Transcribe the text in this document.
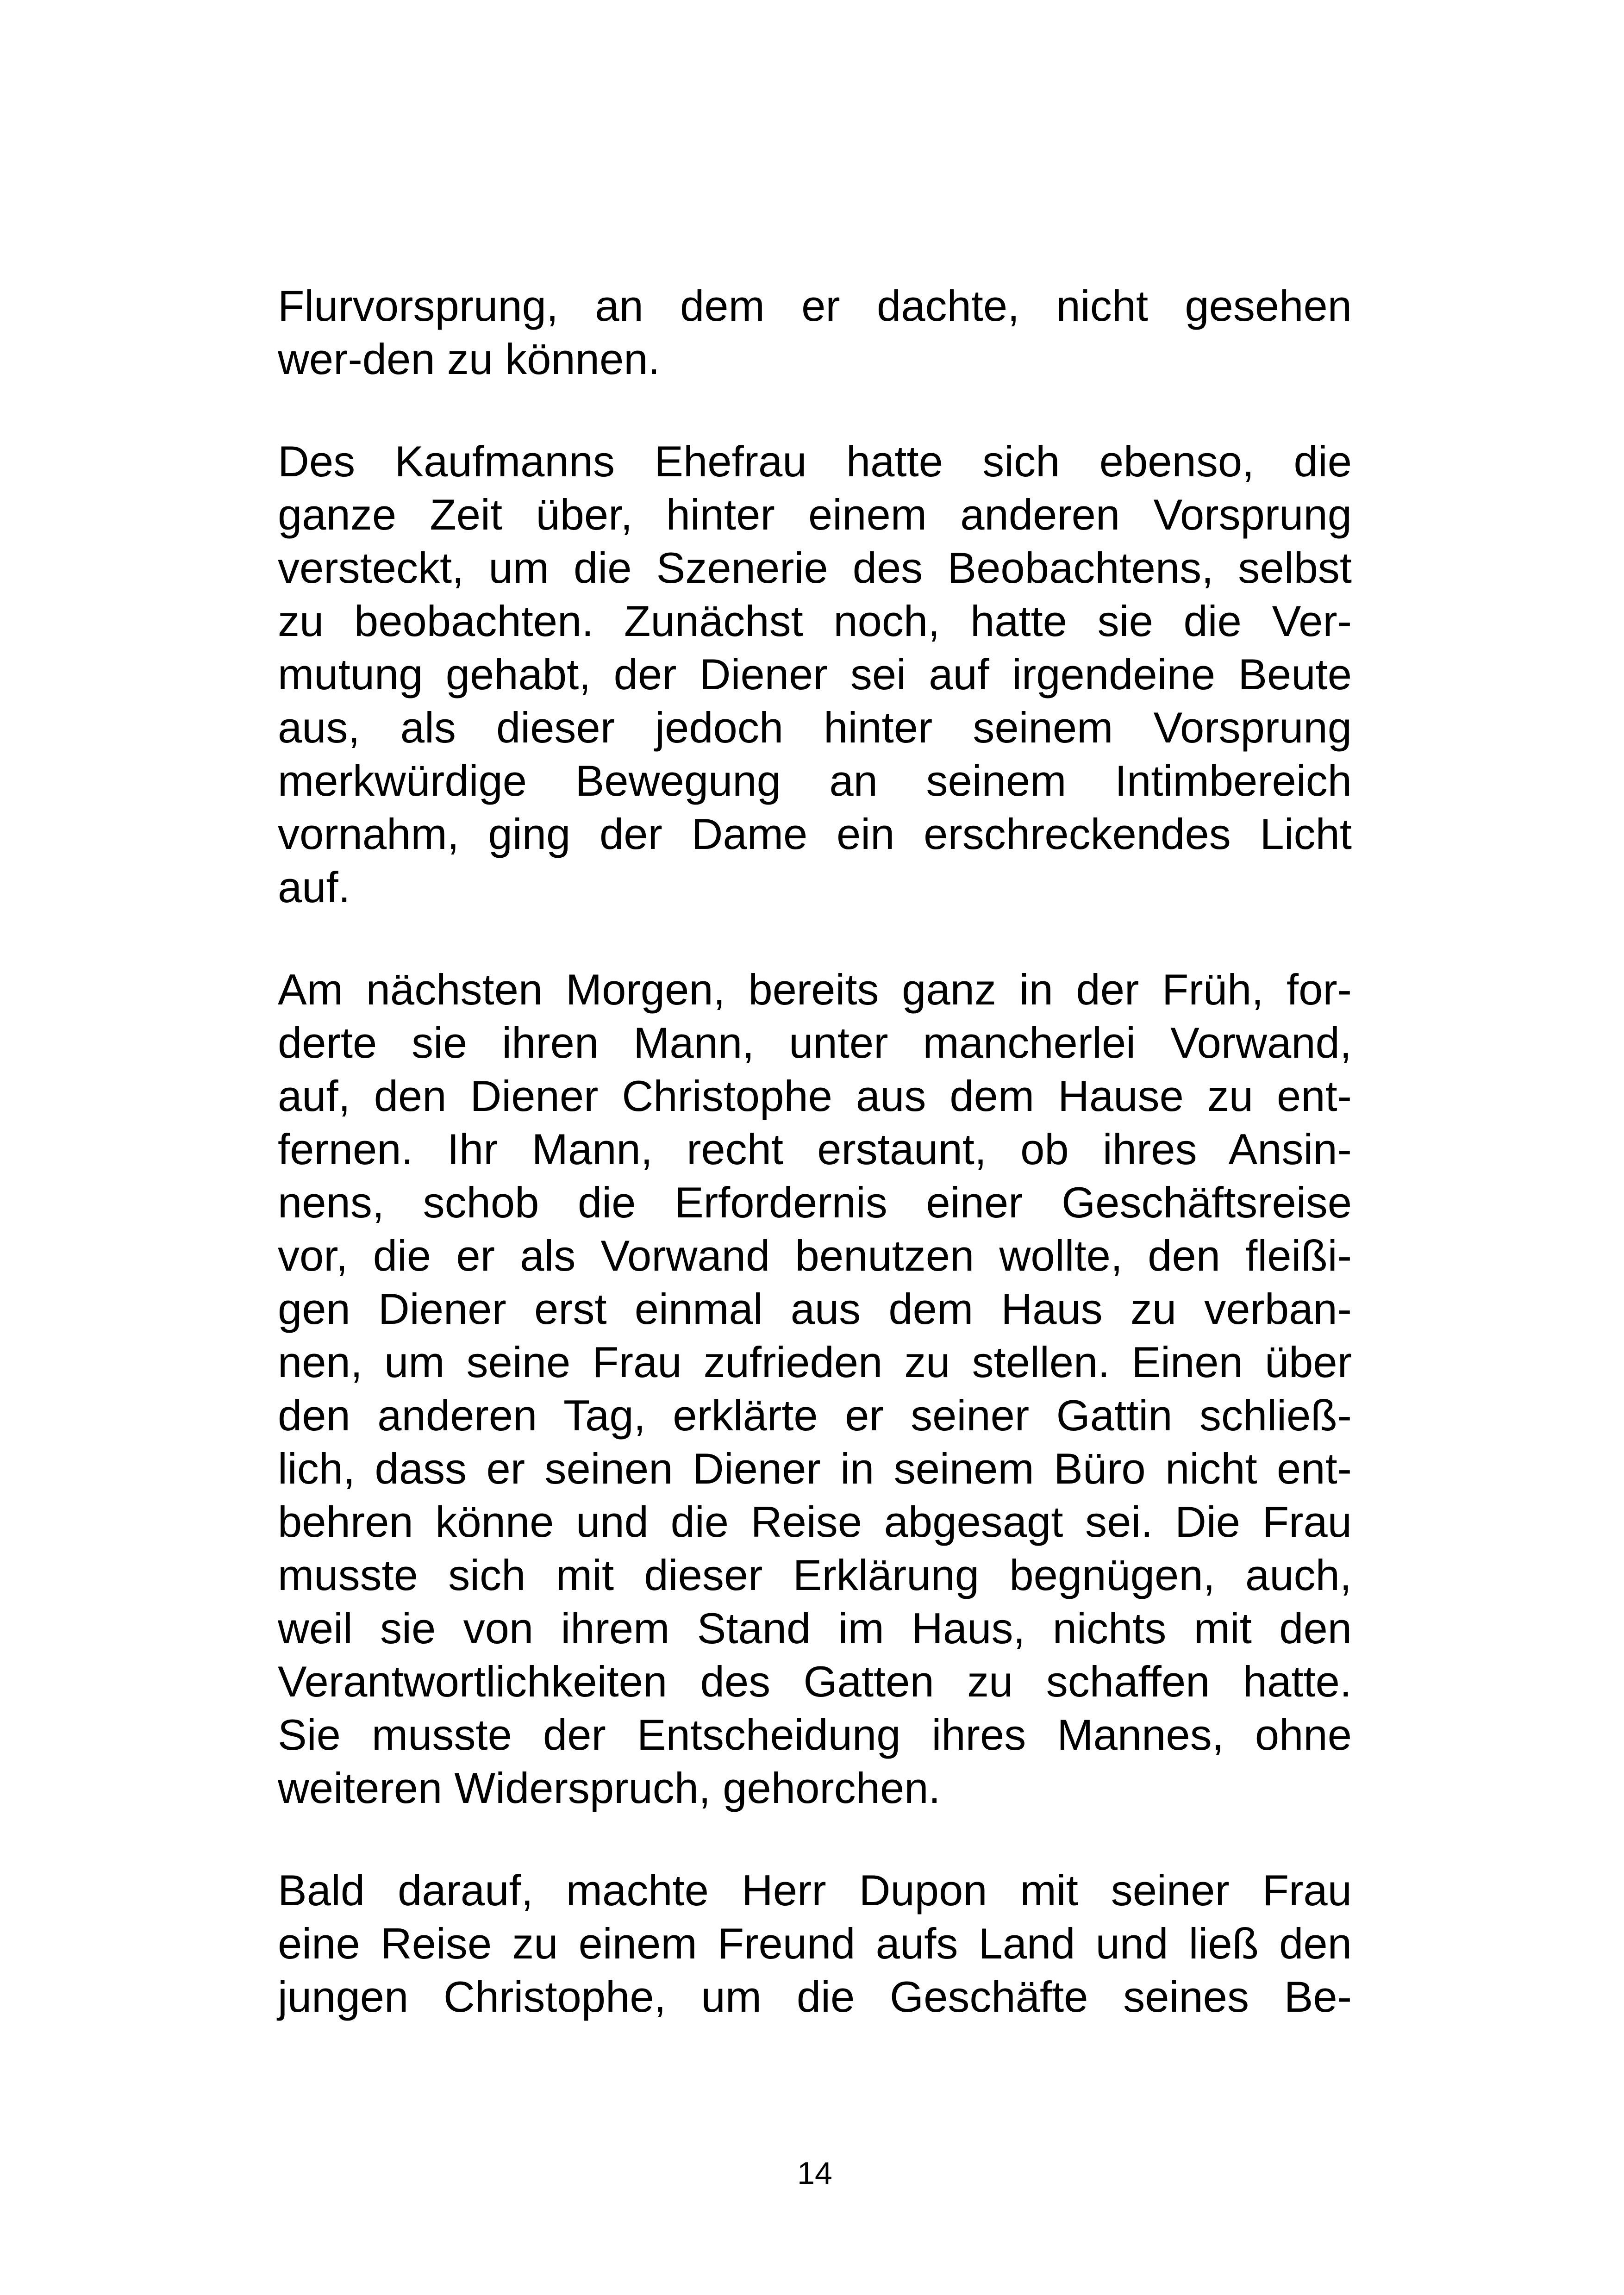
Flurvorsprung, an dem er dachte, nicht gesehen
wer-den zu können.
Des Kaufmanns Ehefrau hatte sich ebenso, die
ganze Zeit über, hinter einem anderen Vorsprung
versteckt, um die Szenerie des Beobachtens, selbst
zu beobachten. Zunächst noch, hatte sie die Ver-
mutung gehabt, der Diener sei auf irgendeine Beute
aus, als dieser jedoch hinter seinem Vorsprung
merkwürdige Bewegung an seinem Intimbereich
vornahm, ging der Dame ein erschreckendes Licht
auf.
Am nächsten Morgen, bereits ganz in der Früh, for-
derte sie ihren Mann, unter mancherlei Vorwand,
auf, den Diener Christophe aus dem Hause zu ent-
fernen. Ihr Mann, recht erstaunt, ob ihres Ansin-
nens, schob die Erfordernis einer Geschäftsreise
vor, die er als Vorwand benutzen wollte, den fleißi-
gen Diener erst einmal aus dem Haus zu verban-
nen, um seine Frau zufrieden zu stellen. Einen über
den anderen Tag, erklärte er seiner Gattin schließ-
lich, dass er seinen Diener in seinem Büro nicht ent-
behren könne und die Reise abgesagt sei. Die Frau
musste sich mit dieser Erklärung begnügen, auch,
weil sie von ihrem Stand im Haus, nichts mit den
Verantwortlichkeiten des Gatten zu schaffen hatte.
Sie musste der Entscheidung ihres Mannes, ohne
weiteren Widerspruch, gehorchen.
Bald darauf, machte Herr Dupon mit seiner Frau
eine Reise zu einem Freund aufs Land und ließ den
jungen Christophe, um die Geschäfte seines Be-
14
